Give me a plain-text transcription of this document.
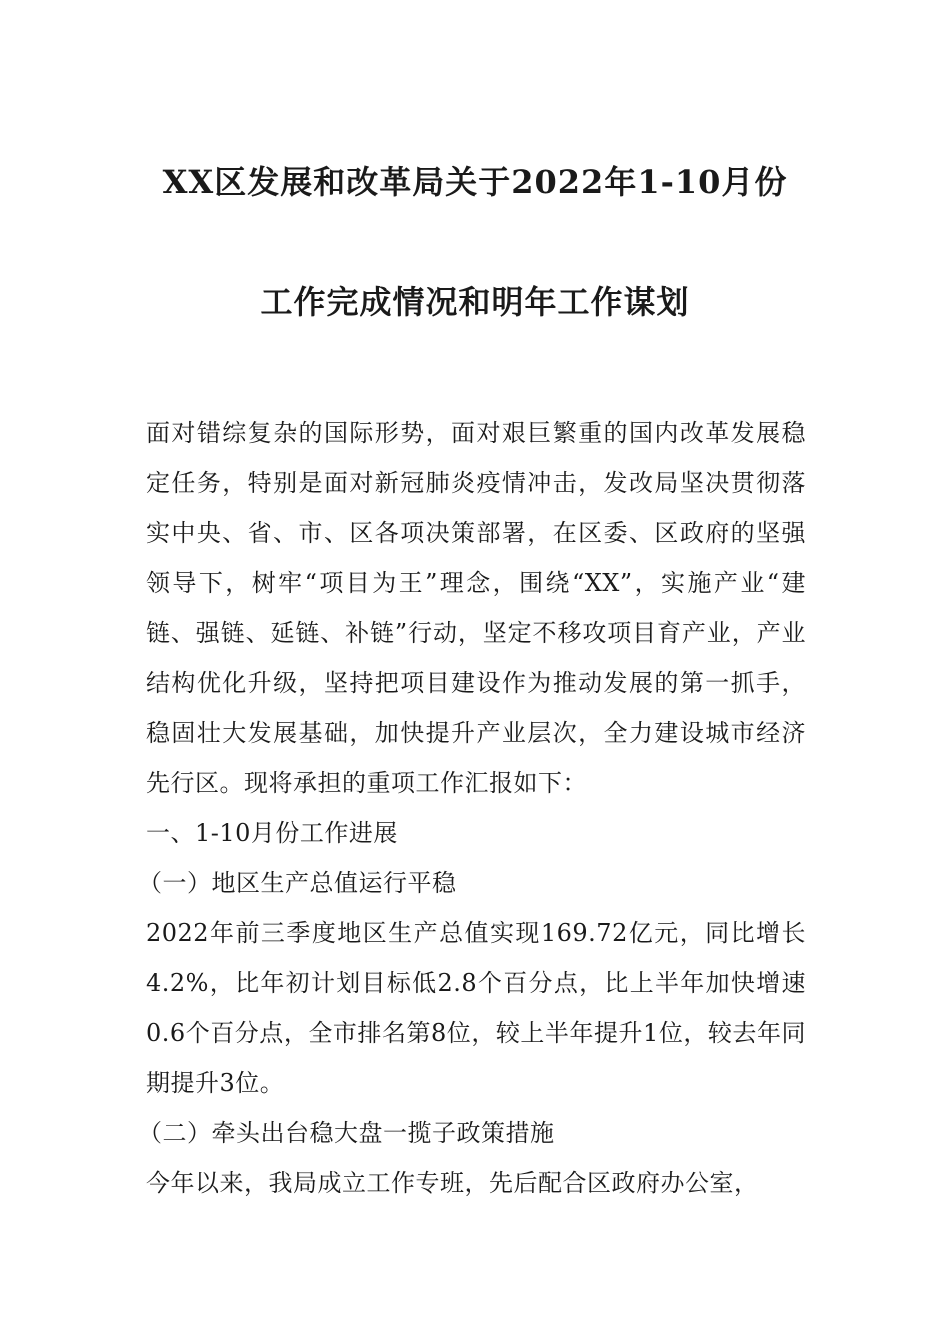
XX区发展和改革局关于2022年1-10月份
工作完成情况和明年工作谋划

面对错综复杂的国际形势，面对艰巨繁重的国内改革发展稳定任务，特别是面对新冠肺炎疫情冲击，发改局坚决贯彻落实中央、省、市、区各项决策部署，在区委、区政府的坚强领导下，树牢“项目为王”理念，围绕“XX”，实施产业“建链、强链、延链、补链”行动，坚定不移攻项目育产业，产业结构优化升级，坚持把项目建设作为推动发展的第一抓手，稳固壮大发展基础，加快提升产业层次，全力建设城市经济先行区。现将承担的重项工作汇报如下：

一、1-10月份工作进展

（一）地区生产总值运行平稳

2022年前三季度地区生产总值实现169.72亿元，同比增长4.2%，比年初计划目标低2.8个百分点，比上半年加快增速0.6个百分点，全市排名第8位，较上半年提升1位，较去年同期提升3位。

（二）牵头出台稳大盘一揽子政策措施

今年以来，我局成立工作专班，先后配合区政府办公室，
